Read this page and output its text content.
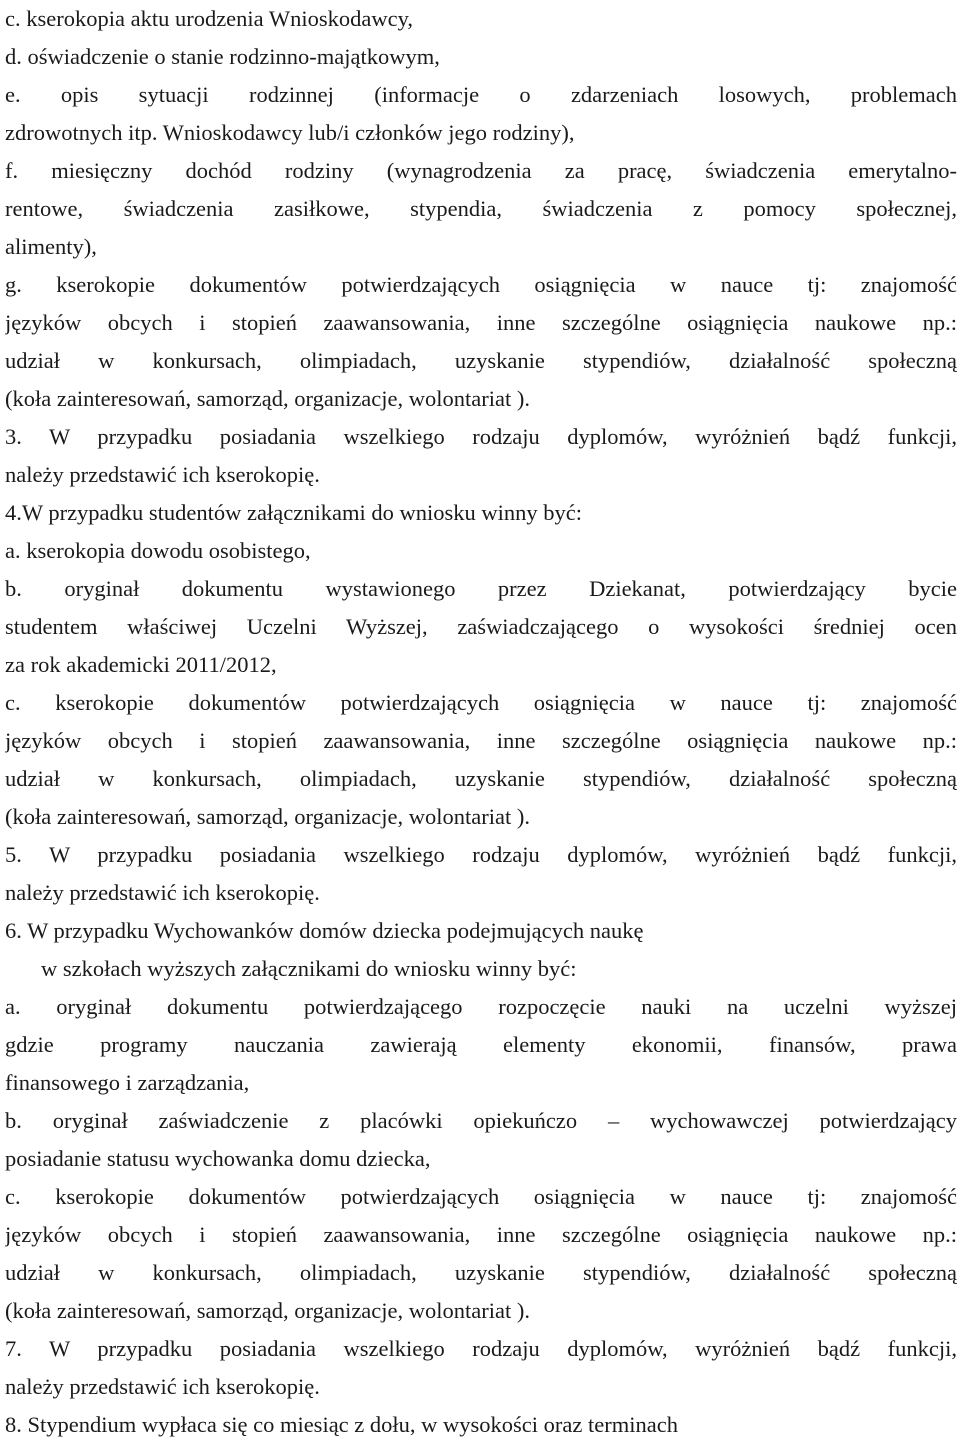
c. kserokopia aktu urodzenia Wnioskodawcy,
d. oświadczenie o stanie rodzinno-majątkowym,
e. opis sytuacji rodzinnej (informacje o zdarzeniach losowych, problemach
zdrowotnych itp. Wnioskodawcy lub/i członków jego rodziny),
f. miesięczny dochód rodziny (wynagrodzenia za pracę, świadczenia emerytalno-
rentowe, świadczenia zasiłkowe, stypendia, świadczenia z pomocy społecznej,
alimenty),
g. kserokopie dokumentów potwierdzających osiągnięcia w nauce tj: znajomość
języków obcych i stopień zaawansowania, inne szczególne osiągnięcia naukowe np.:
udział w konkursach, olimpiadach, uzyskanie stypendiów, działalność społeczną
(koła zainteresowań, samorząd, organizacje, wolontariat ).
3. W przypadku posiadania wszelkiego rodzaju dyplomów, wyróżnień bądź funkcji,
należy przedstawić ich kserokopię.
4.W przypadku studentów załącznikami do wniosku winny być:
a. kserokopia dowodu osobistego,
b. oryginał dokumentu wystawionego przez Dziekanat, potwierdzający bycie
studentem właściwej Uczelni Wyższej, zaświadczającego o wysokości średniej ocen
za rok akademicki 2011/2012,
c. kserokopie dokumentów potwierdzających osiągnięcia w nauce tj: znajomość
języków obcych i stopień zaawansowania, inne szczególne osiągnięcia naukowe np.:
udział w konkursach, olimpiadach, uzyskanie stypendiów, działalność społeczną
(koła zainteresowań, samorząd, organizacje, wolontariat ).
5. W przypadku posiadania wszelkiego rodzaju dyplomów, wyróżnień bądź funkcji,
należy przedstawić ich kserokopię.
6. W przypadku Wychowanków domów dziecka podejmujących naukę
w szkołach wyższych załącznikami do wniosku winny być:
a. oryginał dokumentu potwierdzającego rozpoczęcie nauki na uczelni wyższej
gdzie programy nauczania zawierają elementy ekonomii, finansów, prawa
finansowego i zarządzania,
b. oryginał zaświadczenie z placówki opiekuńczo – wychowawczej potwierdzający
posiadanie statusu wychowanka domu dziecka,
c. kserokopie dokumentów potwierdzających osiągnięcia w nauce tj: znajomość
języków obcych i stopień zaawansowania, inne szczególne osiągnięcia naukowe np.:
udział w konkursach, olimpiadach, uzyskanie stypendiów, działalność społeczną
(koła zainteresowań, samorząd, organizacje, wolontariat ).
7. W przypadku posiadania wszelkiego rodzaju dyplomów, wyróżnień bądź funkcji,
należy przedstawić ich kserokopię.
8. Stypendium wypłaca się co miesiąc z dołu, w wysokości oraz terminach
